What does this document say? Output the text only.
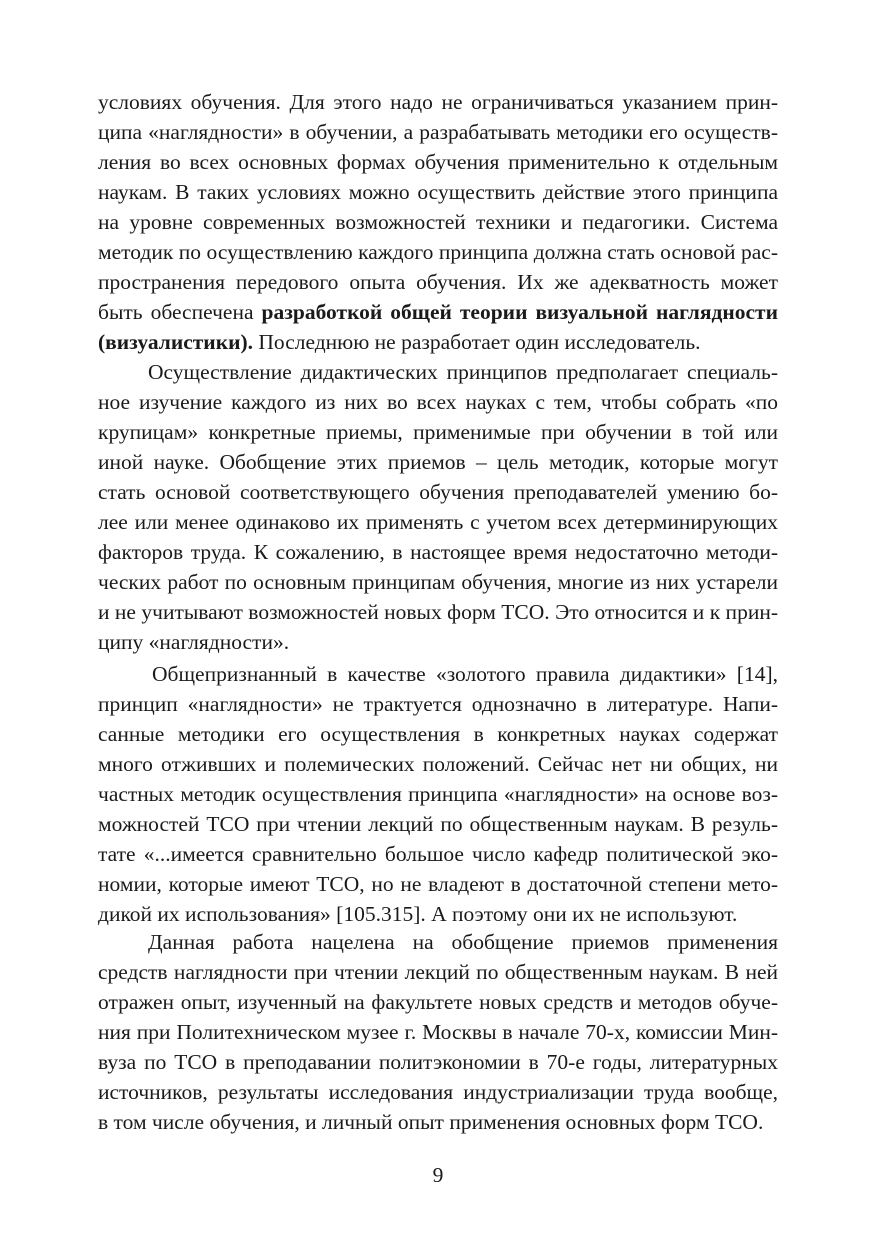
условиях обучения. Для этого надо не ограничиваться указанием прин-
ципа «наглядности» в обучении, а разрабатывать методики его осуществ-
ления во всех основных формах обучения применительно к отдельным
наукам. В таких условиях можно осуществить действие этого принципа
на уровне современных возможностей техники и педагогики. Система
методик по осуществлению каждого принципа должна стать основой рас-
пространения передового опыта обучения. Их же адекватность может
быть обеспечена разработкой общей теории визуальной наглядности
(визуалистики). Последнюю не разработает один исследователь.
Осуществление дидактических принципов предполагает специаль-
ное изучение каждого из них во всех науках с тем, чтобы собрать «по
крупицам» конкретные приемы, применимые при обучении в той или
иной науке. Обобщение этих приемов – цель методик, которые могут
стать основой соответствующего обучения преподавателей умению бо-
лее или менее одинаково их применять с учетом всех детерминирующих
факторов труда. К сожалению, в настоящее время недостаточно методи-
ческих работ по основным принципам обучения, многие из них устарели
и не учитывают возможностей новых форм ТСО. Это относится и к прин-
ципу «наглядности».
Общепризнанный в качестве «золотого правила дидактики» [14],
принцип «наглядности» не трактуется однозначно в литературе. Напи-
санные методики его осуществления в конкретных науках содержат
много отживших и полемических положений. Сейчас нет ни общих, ни
частных методик осуществления принципа «наглядности» на основе воз-
можностей ТСО при чтении лекций по общественным наукам. В резуль-
тате «...имеется сравнительно большое число кафедр политической эко-
номии, которые имеют ТСО, но не владеют в достаточной степени мето-
дикой их использования» [105.315]. А поэтому они их не используют.
Данная работа нацелена на обобщение приемов применения
средств наглядности при чтении лекций по общественным наукам. В ней
отражен опыт, изученный на факультете новых средств и методов обуче-
ния при Политехническом музее г. Москвы в начале 70-х, комиссии Мин-
вуза по ТСО в преподавании политэкономии в 70-е годы, литературных
источников, результаты исследования индустриализации труда вообще,
в том числе обучения, и личный опыт применения основных форм ТСО.
9
